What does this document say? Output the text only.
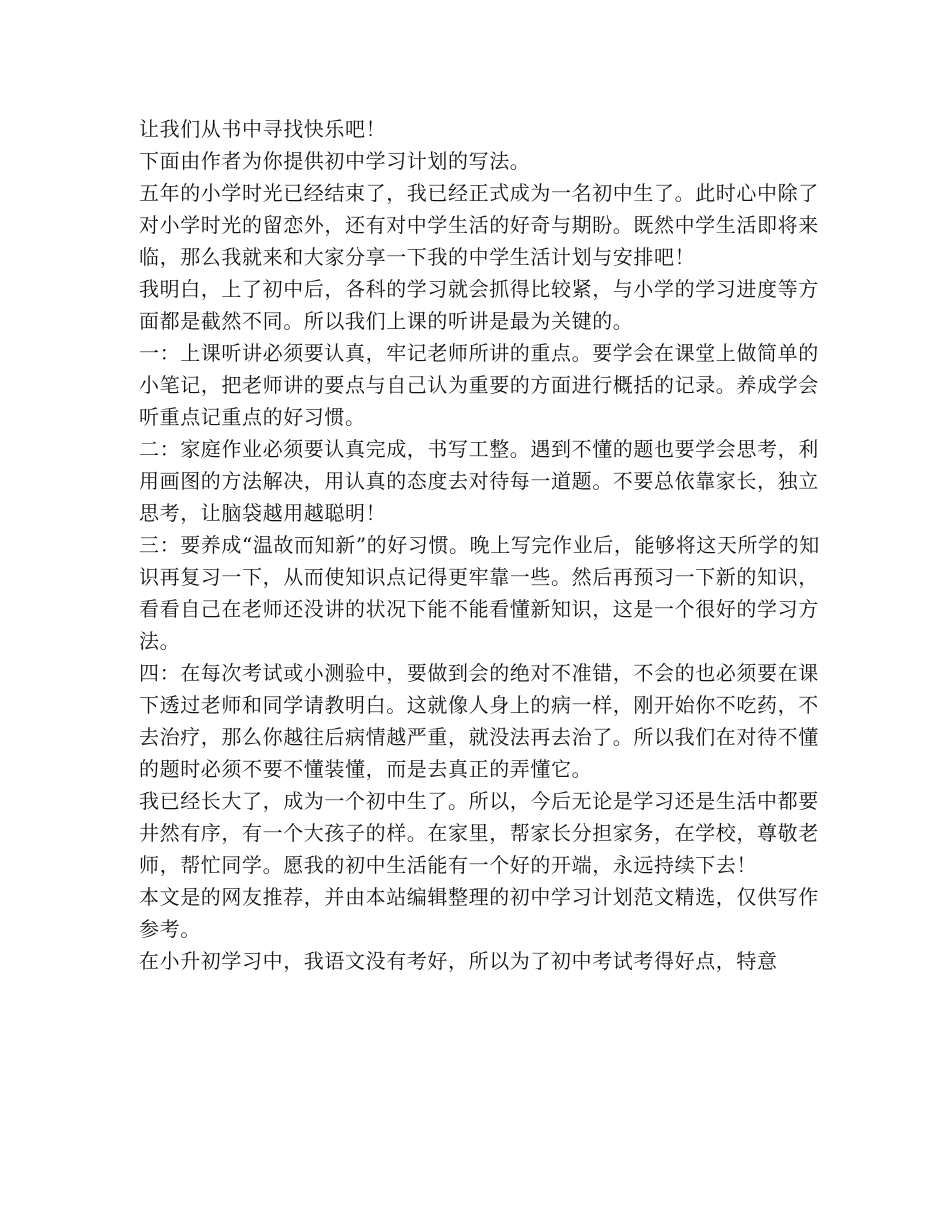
让我们从书中寻找快乐吧！

下面由作者为你提供初中学习计划的写法。

五年的小学时光已经结束了，我已经正式成为一名初中生了。此时心中除了对小学时光的留恋外，还有对中学生活的好奇与期盼。既然中学生活即将来临，那么我就来和大家分享一下我的中学生活计划与安排吧！

我明白，上了初中后，各科的学习就会抓得比较紧，与小学的学习进度等方面都是截然不同。所以我们上课的听讲是最为关键的。

一：上课听讲必须要认真，牢记老师所讲的重点。要学会在课堂上做简单的小笔记，把老师讲的要点与自己认为重要的方面进行概括的记录。养成学会听重点记重点的好习惯。

二：家庭作业必须要认真完成，书写工整。遇到不懂的题也要学会思考，利用画图的方法解决，用认真的态度去对待每一道题。不要总依靠家长，独立思考，让脑袋越用越聪明！

三：要养成“温故而知新”的好习惯。晚上写完作业后，能够将这天所学的知识再复习一下，从而使知识点记得更牢靠一些。然后再预习一下新的知识，看看自己在老师还没讲的状况下能不能看懂新知识，这是一个很好的学习方法。

四：在每次考试或小测验中，要做到会的绝对不准错，不会的也必须要在课下透过老师和同学请教明白。这就像人身上的病一样，刚开始你不吃药，不去治疗，那么你越往后病情越严重，就没法再去治了。所以我们在对待不懂的题时必须不要不懂装懂，而是去真正的弄懂它。

我已经长大了，成为一个初中生了。所以，今后无论是学习还是生活中都要井然有序，有一个大孩子的样。在家里，帮家长分担家务，在学校，尊敬老师，帮忙同学。愿我的初中生活能有一个好的开端，永远持续下去！

本文是的网友推荐，并由本站编辑整理的初中学习计划范文精选，仅供写作参考。

在小升初学习中，我语文没有考好，所以为了初中考试考得好点，特意
